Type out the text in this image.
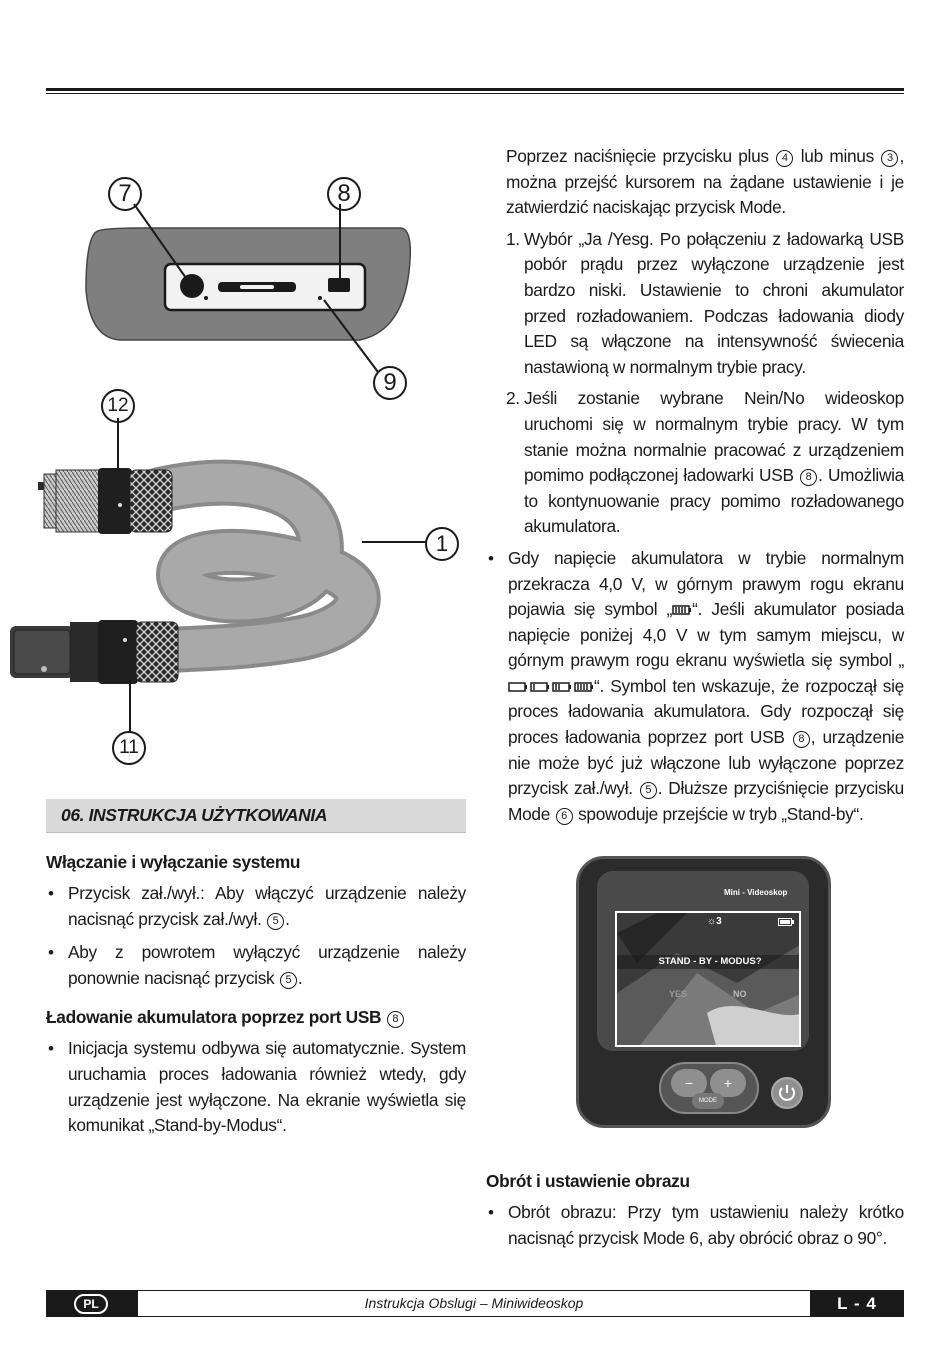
7	8
9
12
1
11
06. INSTRUKCJA UŻYTKOWANIA
Włączanie i wyłączanie systemu
• Przycisk zał./wył.: Aby włączyć urządzenie należy nacisnąć przycisk zał./wył. 5 .
• Aby z powrotem wyłączyć urządzenie należy ponownie nacisnąć przycisk 5 .
Ładowanie akumulatora poprzez port USB 8
• Inicjacja systemu odbywa się automatycznie. System uruchamia proces ładowania również wtedy, gdy urządzenie jest wyłączone. Na ekranie wyświetla się komunikat „Stand-by-Modus“.
Poprzez naciśnięcie przycisku plus 4 lub minus 3 , można przejść kursorem na żądane ustawienie i je zatwierdzić naciskając przycisk Mode.
1. Wybór „Ja /Yesg. Po połączeniu z ładowarką USB pobór prądu przez wyłączone urządzenie jest bardzo niski. Ustawienie to chroni akumulator przed rozładowaniem. Podczas ładowania diody LED są włączone na intensywność świecenia nastawioną w normalnym trybie pracy.
2. Jeśli zostanie wybrane Nein/No wideoskop uruchomi się w normalnym trybie pracy. W tym stanie można normalnie pracować z urządzeniem pomimo podłączonej ładowarki USB 8 . Umożliwia to kontynuowanie pracy pomimo rozładowanego akumulatora.
• Gdy napięcie akumulatora w trybie normalnym przekracza 4,0 V, w górnym prawym rogu ekranu pojawia się symbol „ “. Jeśli akumulator posiada napięcie poniżej 4,0 V w tym samym miejscu, w górnym prawym rogu ekranu wyświetla się symbol „“. Symbol ten wskazuje, że rozpoczął się proces ładowania akumulatora. Gdy rozpoczął się proces ładowania poprzez port USB 8 , urządzenie nie może być już włączone lub wyłączone poprzez przycisk zał./wył. 5 . Dłuższe przyciśnięcie przycisku Mode 6 spowoduje przejście w tryb „Stand-by“.
Mini - Videoskop
☼3
STAND - BY - MODUS?
YES	NO
−	+
MODE
Obrót i ustawienie obrazu
• Obrót obrazu: Przy tym ustawieniu należy krótko nacisnąć przycisk Mode 6, aby obrócić obraz o 90°.
PL	Instrukcja Obslugi – Miniwideoskop	L - 4
